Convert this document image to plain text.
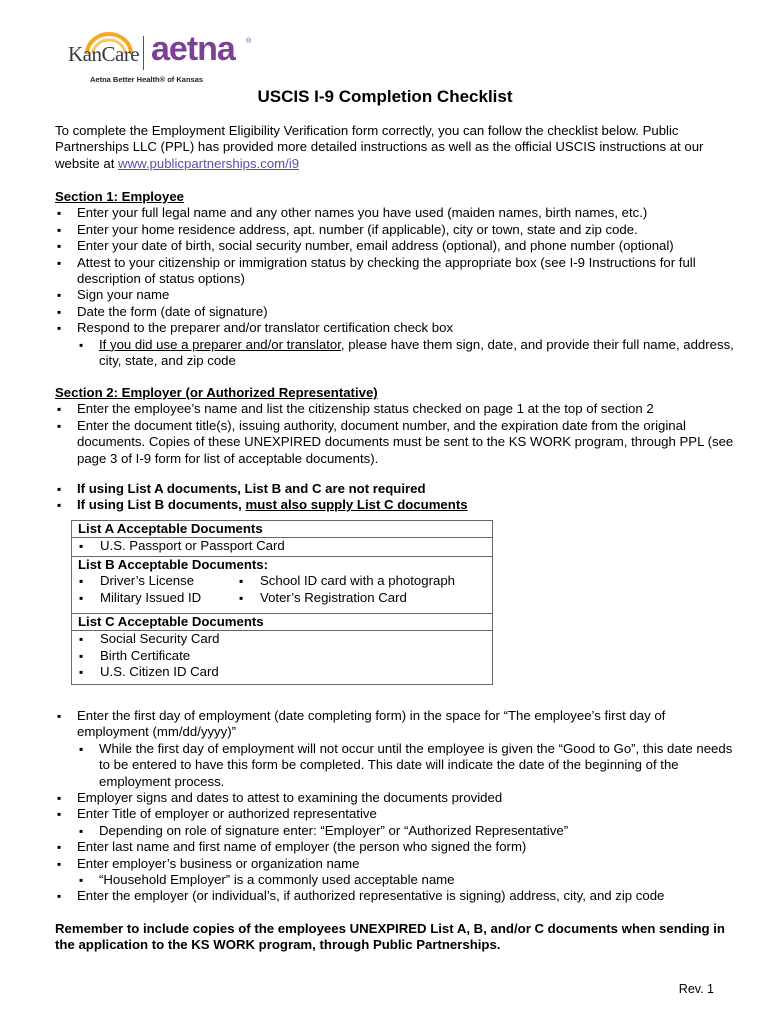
KanCare aetna ®
Aetna Better Health® of Kansas
USCIS I-9 Completion Checklist
To complete the Employment Eligibility Verification form correctly, you can follow the checklist below. Public Partnerships LLC (PPL) has provided more detailed instructions as well as the official USCIS instructions at our website at www.publicpartnerships.com/i9
Section 1: Employee
▪ Enter your full legal name and any other names you have used (maiden names, birth names, etc.)
▪ Enter your home residence address, apt. number (if applicable), city or town, state and zip code.
▪ Enter your date of birth, social security number, email address (optional), and phone number (optional)
▪ Attest to your citizenship or immigration status by checking the appropriate box (see I-9 Instructions for full description of status options)
▪ Sign your name
▪ Date the form (date of signature)
▪ Respond to the preparer and/or translator certification check box
▪ If you did use a preparer and/or translator, please have them sign, date, and provide their full name, address, city, state, and zip code
Section 2: Employer (or Authorized Representative)
▪ Enter the employee’s name and list the citizenship status checked on page 1 at the top of section 2
▪ Enter the document title(s), issuing authority, document number, and the expiration date from the original documents. Copies of these UNEXPIRED documents must be sent to the KS WORK program, through PPL (see page 3 of I-9 form for list of acceptable documents).
▪ If using List A documents, List B and C are not required
▪ If using List B documents, must also supply List C documents
List A Acceptable Documents
▪ U.S. Passport or Passport Card
List B Acceptable Documents:
▪ Driver’s License
▪ Military Issued ID
▪ School ID card with a photograph
▪ Voter’s Registration Card
List C Acceptable Documents
▪ Social Security Card
▪ Birth Certificate
▪ U.S. Citizen ID Card
▪ Enter the first day of employment (date completing form) in the space for “The employee’s first day of employment (mm/dd/yyyy)”
▪ While the first day of employment will not occur until the employee is given the “Good to Go”, this date needs to be entered to have this form be completed. This date will indicate the date of the beginning of the employment process.
▪ Employer signs and dates to attest to examining the documents provided
▪ Enter Title of employer or authorized representative
▪ Depending on role of signature enter: “Employer” or “Authorized Representative”
▪ Enter last name and first name of employer (the person who signed the form)
▪ Enter employer’s business or organization name
▪ “Household Employer” is a commonly used acceptable name
▪ Enter the employer (or individual’s, if authorized representative is signing) address, city, and zip code
Remember to include copies of the employees UNEXPIRED List A, B, and/or C documents when sending in the application to the KS WORK program, through Public Partnerships.
Rev. 1
